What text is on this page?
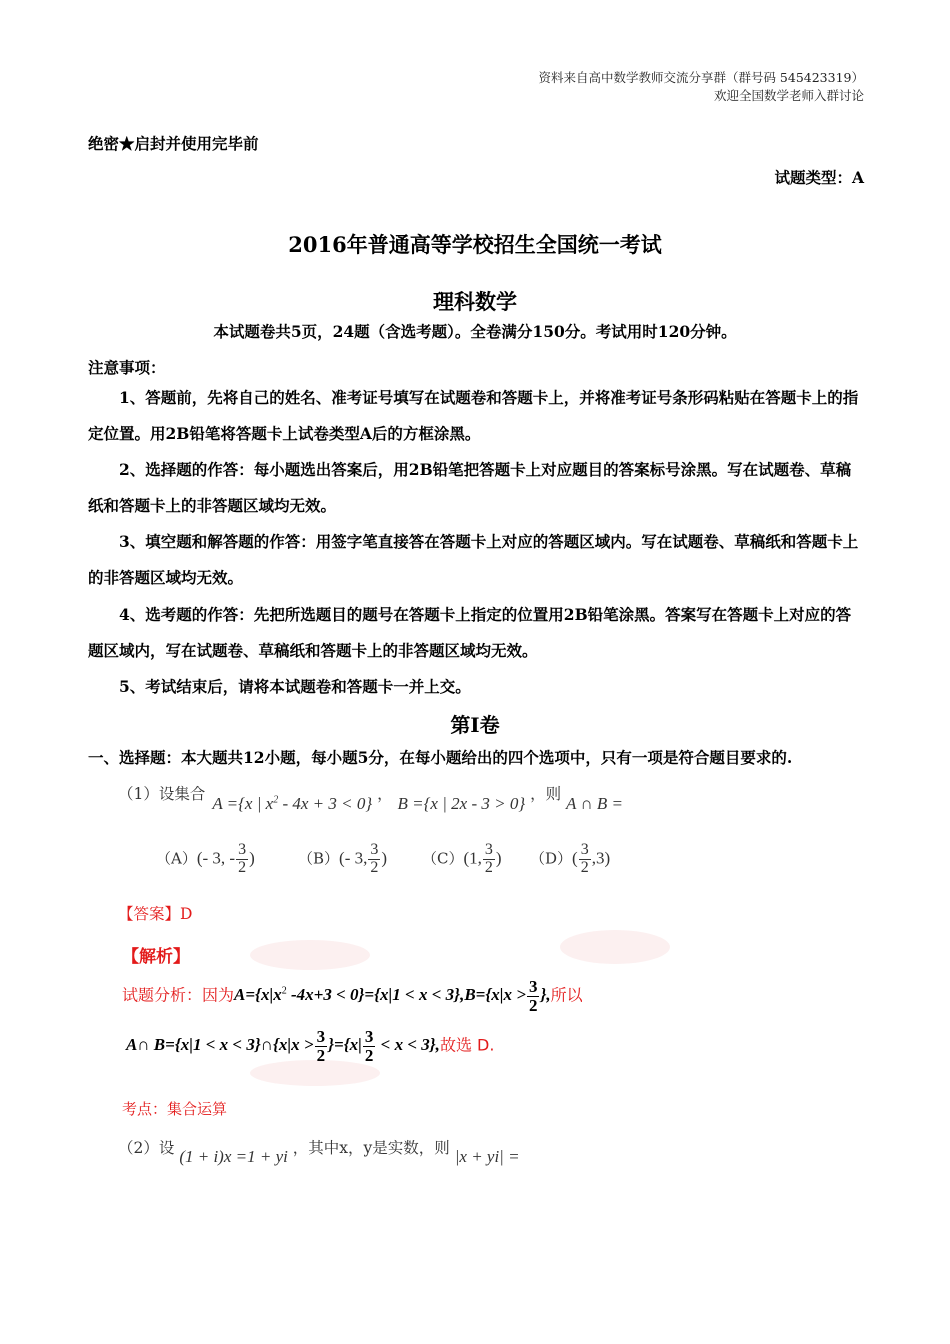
资料来自高中数学教师交流分享群（群号码 545423319）
欢迎全国数学老师入群讨论
绝密★启封并使用完毕前
试题类型：A
2016年普通高等学校招生全国统一考试
理科数学
本试题卷共5页，24题（含选考题）。全卷满分150分。考试用时120分钟。
注意事项：
1、答题前，先将自己的姓名、准考证号填写在试题卷和答题卡上，并将准考证号条形码粘贴在答题卡上的指定位置。用2B铅笔将答题卡上试卷类型A后的方框涂黑。
2、选择题的作答：每小题选出答案后，用2B铅笔把答题卡上对应题目的答案标号涂黑。写在试题卷、草稿纸和答题卡上的非答题区域均无效。
3、填空题和解答题的作答：用签字笔直接答在答题卡上对应的答题区域内。写在试题卷、草稿纸和答题卡上的非答题区域均无效。
4、选考题的作答：先把所选题目的题号在答题卡上指定的位置用2B铅笔涂黑。答案写在答题卡上对应的答题区域内，写在试题卷、草稿纸和答题卡上的非答题区域均无效。
5、考试结束后，请将本试题卷和答题卡一并上交。
第Ⅰ卷
一、选择题：本大题共12小题，每小题5分，在每小题给出的四个选项中，只有一项是符合题目要求的.
（1）设集合 A ={x | $x^2 - 4x + 3 < 0$} ， B ={x | 2x - 3 > 0} ，则 A ∩ B =
（A）(- 3, - $\frac{3}{2}$ )	（B）(- 3, $\frac{3}{2}$ ) （C）(1, $\frac{3}{2}$ ) $(D)( \frac{3}{2} ,3)$
【答案】D
【解析】
试题分析：因为$A=\{x|x^2$ $-4x+3 < 0\}=\{x|1 < x < 3\},B=\{x|x > \frac{3}{2}$ },所以
A∩ B={x|1 < x < 3}∩{x|x > $\frac{3}{2} \}=\{x| \frac{3}{2} < x < 3\}$,故选 D.
考点：集合运算
（2）设 (1 + i)x =1 + yi ，其中x，y是实数，则 |x + yi| =
